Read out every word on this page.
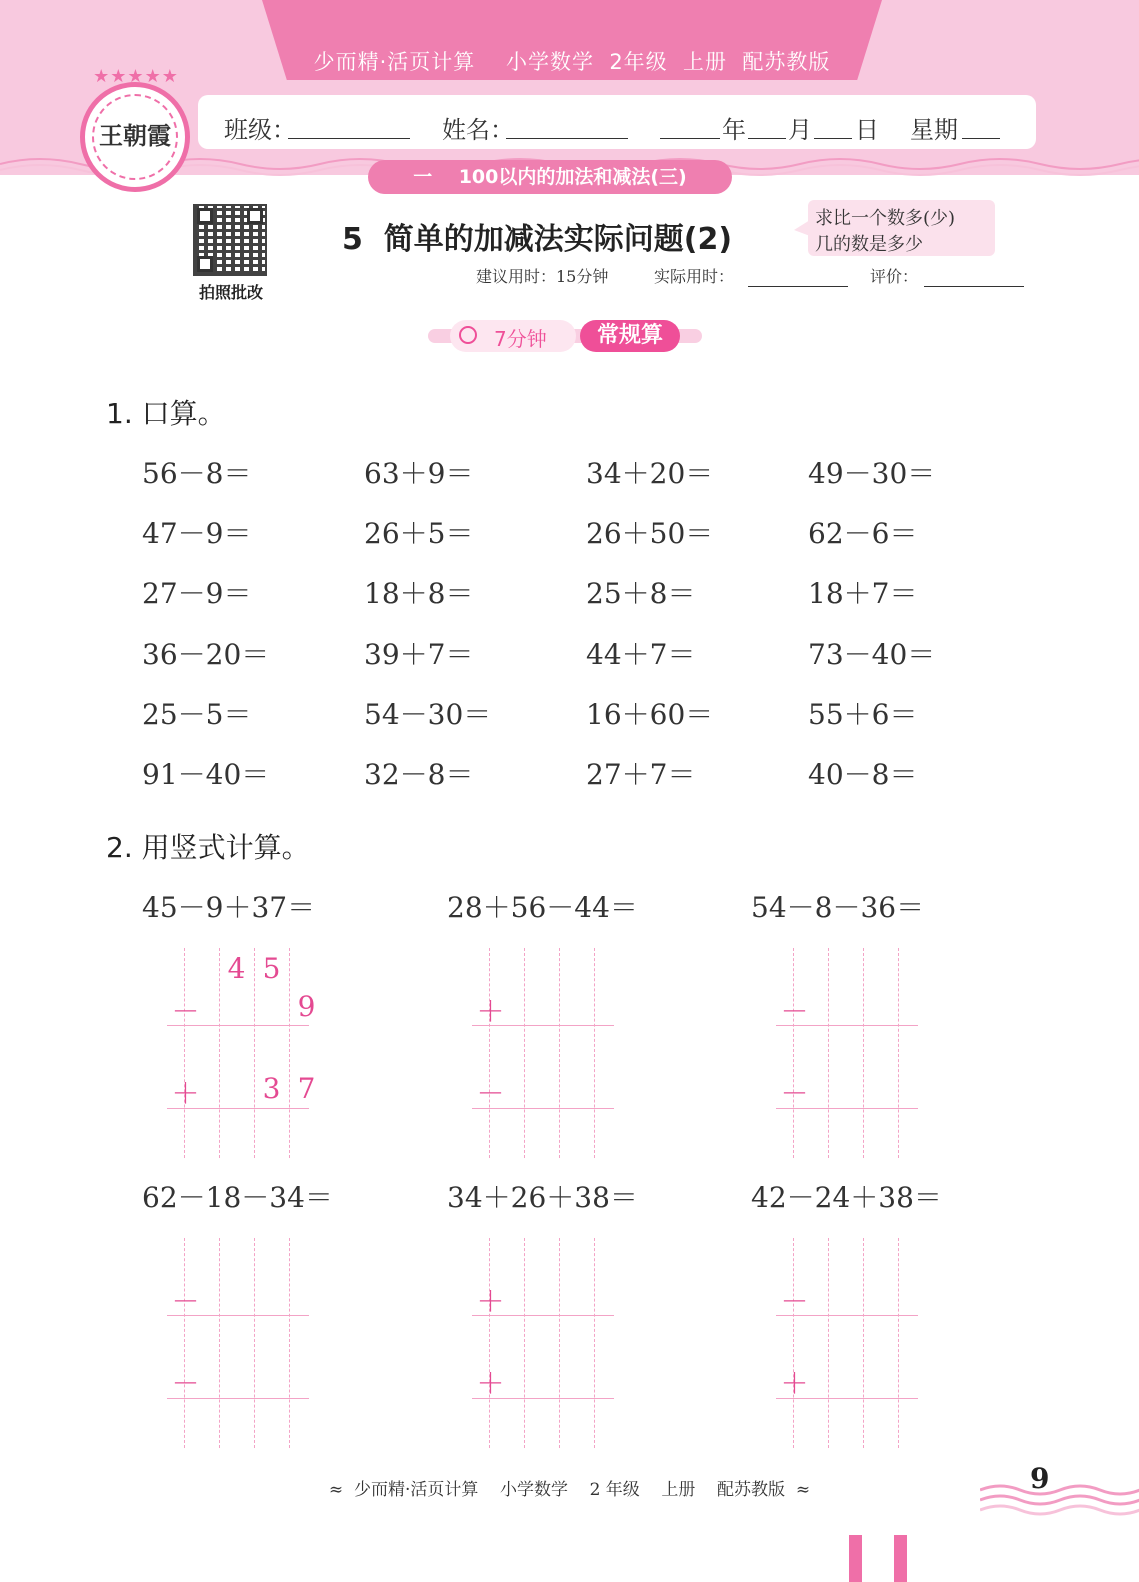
少而精·活页计算    小学数学  2年级  上册  配苏教版
班级：	姓名：	年 月 日 星期
★★★★★
王朝霞
一    100以内的加法和减法(三)
拍照批改
5  简单的加减法实际问题(2)
求比一个数多(少)
几的数是多少
建议用时：15分钟	实际用时：	评价：
7分钟	常规算
1. 口算。
56－8＝	63＋9＝	34＋20＝	49－30＝
47－9＝	26＋5＝	26＋50＝	62－6＝
27－9＝	18＋8＝	25＋8＝	18＋7＝
36－20＝	39＋7＝	44＋7＝	73－40＝
25－5＝	54－30＝	16＋60＝	55＋6＝
91－40＝	32－8＝	27＋7＝	40－8＝
2. 用竖式计算。
45－9＋37＝
4 5
－	9
＋	3 7
28＋56－44＝
＋
－
54－8－36＝
－
－
62－18－34＝
－
－
34＋26＋38＝
＋
＋
42－24＋38＝
－
＋
≈  少而精·活页计算    小学数学    2 年级    上册    配苏教版  ≈	9
